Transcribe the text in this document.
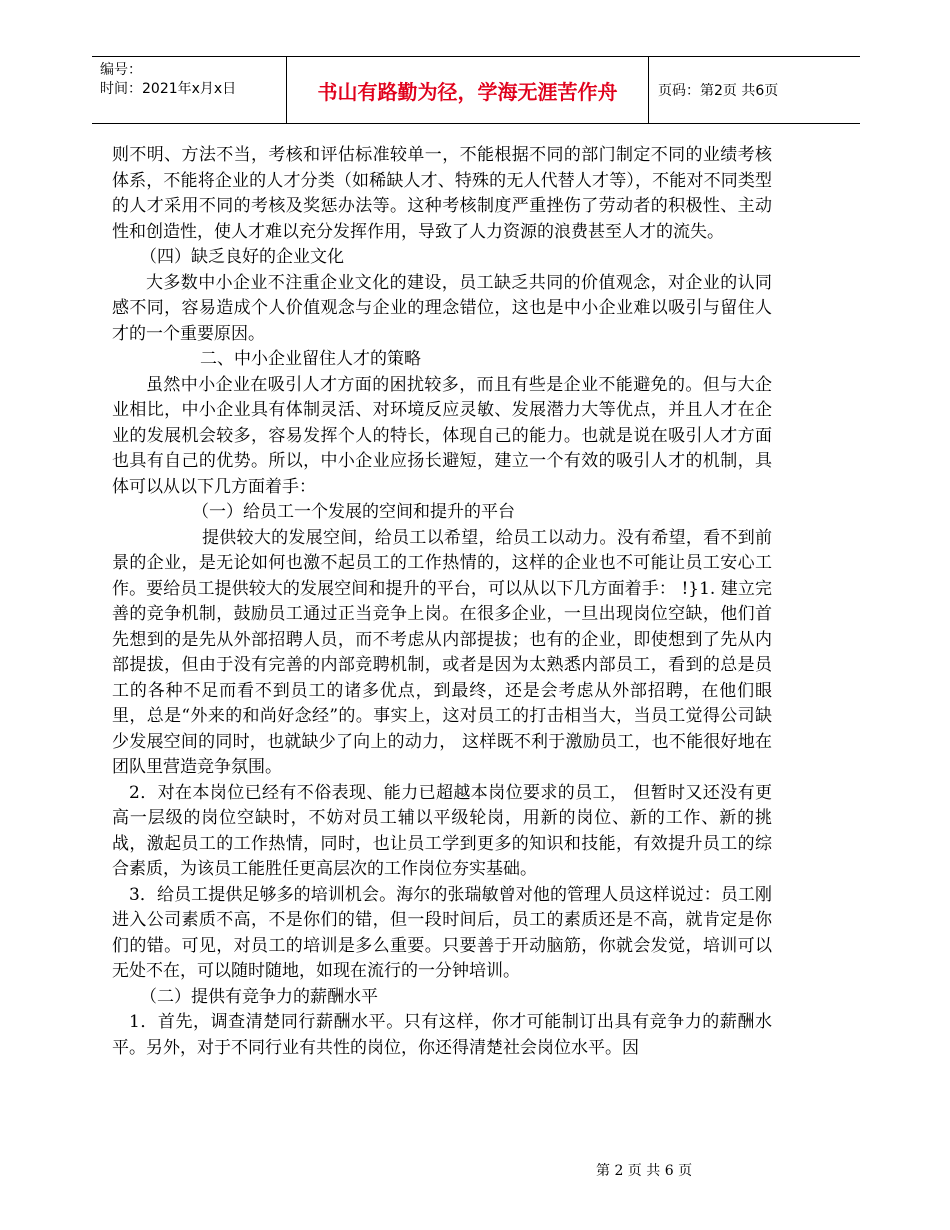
编号：
时间：2021年x月x日	书山有路勤为径，学海无涯苦作舟	页码：第2页 共6页

则不明、方法不当，考核和评估标准较单一，不能根据不同的部门制定不同的业绩考核体系，不能将企业的人才分类（如稀缺人才、特殊的无人代替人才等），不能对不同类型的人才采用不同的考核及奖惩办法等。这种考核制度严重挫伤了劳动者的积极性、主动性和创造性，使人才难以充分发挥作用，导致了人力资源的浪费甚至人才的流失。

（四）缺乏良好的企业文化

大多数中小企业不注重企业文化的建设，员工缺乏共同的价值观念，对企业的认同感不同，容易造成个人价值观念与企业的理念错位，这也是中小企业难以吸引与留住人才的一个重要原因。

二、中小企业留住人才的策略

虽然中小企业在吸引人才方面的困扰较多，而且有些是企业不能避免的。但与大企业相比，中小企业具有体制灵活、对环境反应灵敏、发展潜力大等优点，并且人才在企业的发展机会较多，容易发挥个人的特长，体现自己的能力。也就是说在吸引人才方面也具有自己的优势。所以，中小企业应扬长避短，建立一个有效的吸引人才的机制，具体可以从以下几方面着手：

（一）给员工一个发展的空间和提升的平台

提供较大的发展空间，给员工以希望，给员工以动力。没有希望，看不到前景的企业，是无论如何也激不起员工的工作热情的，这样的企业也不可能让员工安心工作。要给员工提供较大的发展空间和提升的平台，可以从以下几方面着手： !}1. 建立完善的竞争机制，鼓励员工通过正当竞争上岗。在很多企业，一旦出现岗位空缺，他们首先想到的是先从外部招聘人员，而不考虑从内部提拔；也有的企业，即使想到了先从内部提拔，但由于没有完善的内部竞聘机制，或者是因为太熟悉内部员工，看到的总是员工的各种不足而看不到员工的诸多优点，到最终，还是会考虑从外部招聘，在他们眼里，总是“外来的和尚好念经”的。事实上，这对员工的打击相当大，当员工觉得公司缺少发展空间的同时，也就缺少了向上的动力， 这样既不利于激励员工，也不能很好地在团队里营造竞争氛围。

2．对在本岗位已经有不俗表现、能力已超越本岗位要求的员工， 但暂时又还没有更高一层级的岗位空缺时，不妨对员工辅以平级轮岗，用新的岗位、新的工作、新的挑战，激起员工的工作热情，同时，也让员工学到更多的知识和技能，有效提升员工的综合素质，为该员工能胜任更高层次的工作岗位夯实基础。

3．给员工提供足够多的培训机会。海尔的张瑞敏曾对他的管理人员这样说过：员工刚进入公司素质不高，不是你们的错，但一段时间后，员工的素质还是不高，就肯定是你们的错。可见，对员工的培训是多么重要。只要善于开动脑筋，你就会发觉，培训可以无处不在，可以随时随地，如现在流行的一分钟培训。

（二）提供有竞争力的薪酬水平

1．首先，调查清楚同行薪酬水平。只有这样，你才可能制订出具有竞争力的薪酬水平。另外，对于不同行业有共性的岗位，你还得清楚社会岗位水平。因

第 2 页 共 6 页
